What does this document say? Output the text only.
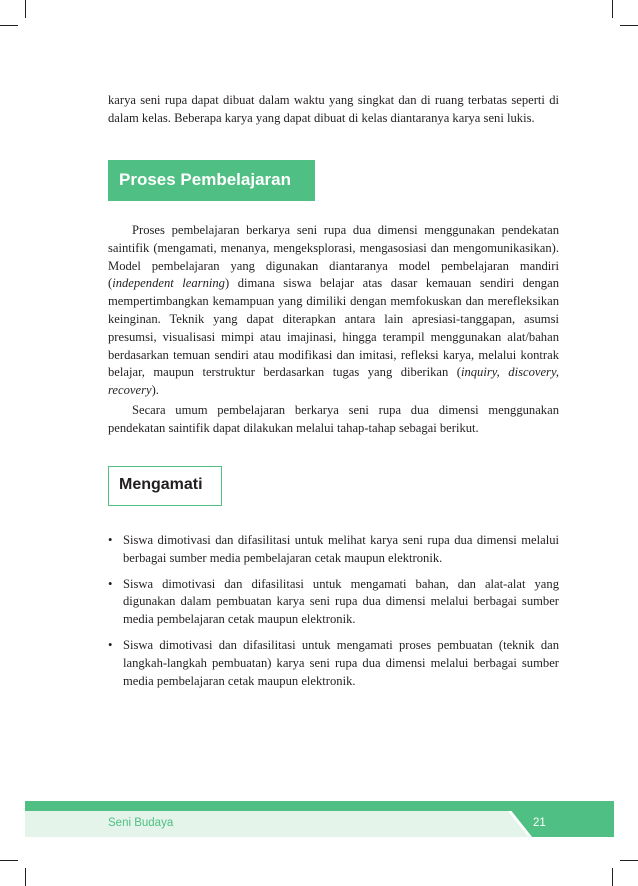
karya seni rupa dapat dibuat dalam waktu yang singkat dan di ruang terbatas seperti di dalam kelas. Beberapa karya yang dapat dibuat di kelas diantaranya karya seni lukis.

Proses Pembelajaran

Proses pembelajaran berkarya seni rupa dua dimensi menggunakan pendekatan saintifik (mengamati, menanya, mengeksplorasi, mengasosiasi dan mengomunikasikan). Model pembelajaran yang digunakan diantaranya model pembelajaran mandiri (independent learning) dimana siswa belajar atas dasar kemauan sendiri dengan mempertimbangkan kemampuan yang dimiliki dengan memfokuskan dan merefleksikan keinginan. Teknik yang dapat diterapkan antara lain apresiasi-tanggapan, asumsi presumsi, visualisasi mimpi atau imajinasi, hingga terampil menggunakan alat/bahan berdasarkan temuan sendiri atau modifikasi dan imitasi, refleksi karya, melalui kontrak belajar, maupun terstruktur berdasarkan tugas yang diberikan (inquiry, discovery, recovery).

Secara umum pembelajaran berkarya seni rupa dua dimensi menggunakan pendekatan saintifik dapat dilakukan melalui tahap-tahap sebagai berikut.

Mengamati
• Siswa dimotivasi dan difasilitasi untuk melihat karya seni rupa dua dimensi melalui berbagai sumber media pembelajaran cetak maupun elektronik.
• Siswa dimotivasi dan difasilitasi untuk mengamati bahan, dan alat-alat yang digunakan dalam pembuatan karya seni rupa dua dimensi melalui berbagai sumber media pembelajaran cetak maupun elektronik.
• Siswa dimotivasi dan difasilitasi untuk mengamati proses pembuatan (teknik dan langkah-langkah pembuatan) karya seni rupa dua dimensi melalui berbagai sumber media pembelajaran cetak maupun elektronik.
Seni Budaya	21
